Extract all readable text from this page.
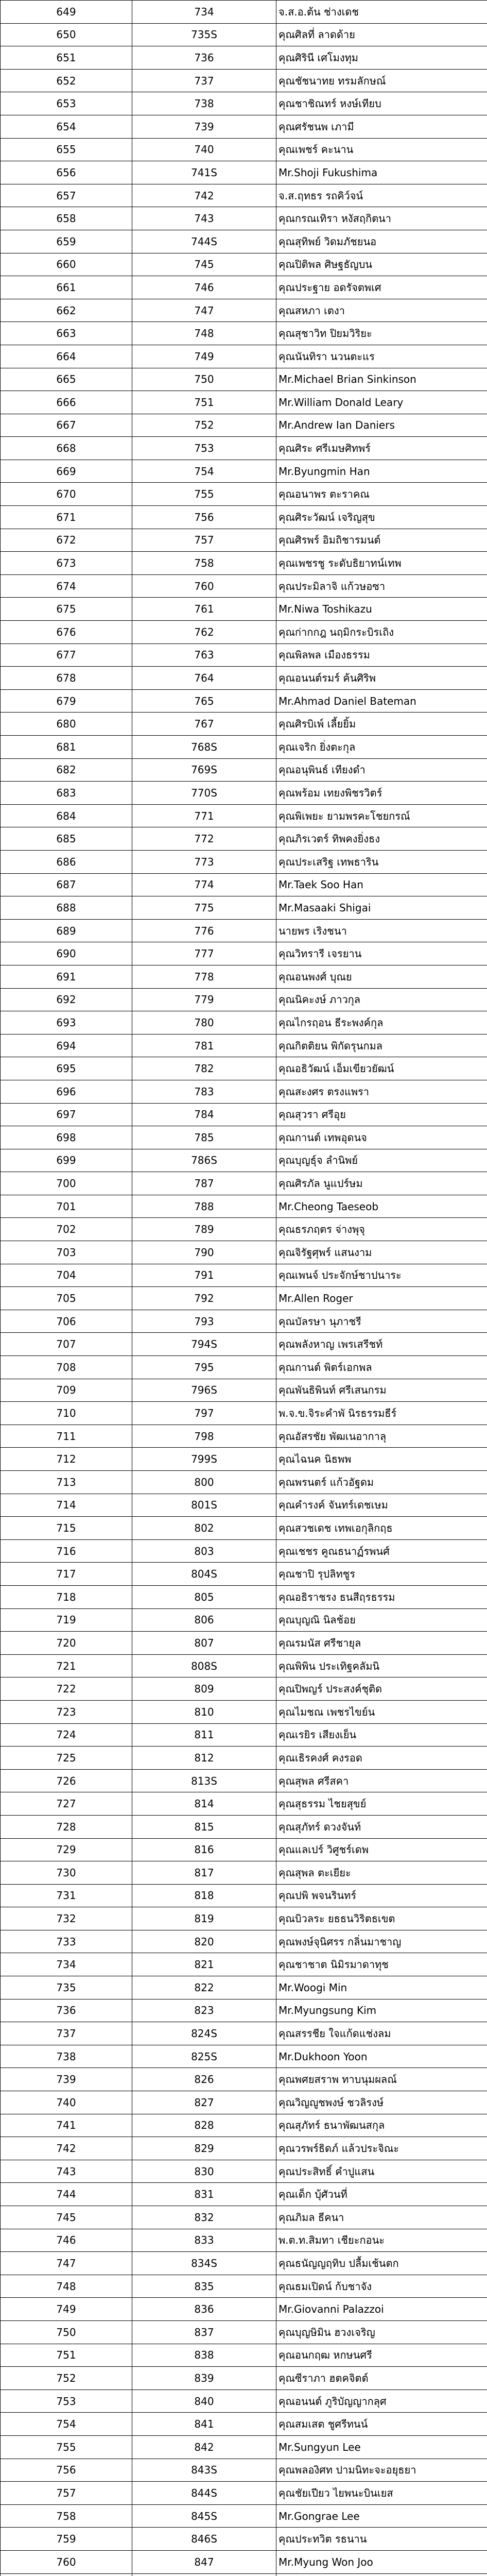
649	734	จ.ส.อ.ต้น ช่างเดช
650	735S	คุณศิลที่ ลาดด้าย
651	736	คุณศิรินี เศโมงทุม
652	737	คุณชัชนาทย ทรมลักษณ์
653	738	คุณชาชิณทร์ หงษ์เทียบ
654	739	คุณศรัชนพ เภามี
655	740	คุณเพชร์ คะนาน
656	741S	Mr.Shoji Fukushima
657	742	จ.ส.ฤทธร รถคิว์จน์
658	743	คุณกรณเทิรา หงัสฤกิตนา
659	744S	คุณสุทิพย์ วิดมภัชยนอ
660	745	คุณปิติพล ศิษฐธัญบน
661	746	คุณประฐาย อดรัจตพเศ
662	747	คุณสหภา เตงา
663	748	คุณสุชาวิท ปิยมวิริยะ
664	749	คุณนันทิรา นวนตะแร
665	750	Mr.Michael Brian Sinkinson
666	751	Mr.William Donald Leary
667	752	Mr.Andrew Ian Daniers
668	753	คุณศิระ ศรีเมษศิทพร์
669	754	Mr.Byungmin Han
670	755	คุณอนาพร ตะราคณ
671	756	คุณศิระวัฒน์ เจริญสุข
672	757	คุณศิรพร์ อิมถิชารมนต์
673	758	คุณเพชรชู ระดับธิยาทน์เทพ
674	760	คุณประมิลาจิ แก้วษอซา
675	761	Mr.Niwa Toshikazu
676	762	คุณก่ากกฎ นฤมิกระบิรเถิง
677	763	คุณพิลพล เมืองธรรม
678	764	คุณอนนต์รมร์ ค้นศิริพ
679	765	Mr.Ahmad Daniel Bateman
680	767	คุณศิรบิเพ์ เลี้ยยิ้ม
681	768S	คุณเจริก ยิ่งตะกุล
682	769S	คุณอนุพินธ์ เทียงดำ
683	770S	คุณพร้อม เทยงพิชรวิตร์
684	771	คุณพิเพยะ ยามพรคะโชยกรณ์
685	772	คุณภิรเวตร์ ทิพคงยิ่งธง
686	773	คุณประเสริฐ เทพธาริน
687	774	Mr.Taek Soo Han
688	775	Mr.Masaaki Shigai
689	776	นายพร เริงชนา
690	777	คุณวิทรารี เจรยาน
691	778	คุณอนพงศ์ บุณย
692	779	คุณนิคะงษ์ ภาวกุล
693	780	คุณไกรฤอน ธีระพงค์กุล
694	781	คุณกิตติยน พิกัดรุนกมล
695	782	คุณอธิวัฒน์ เอ็มเขียวยัฒน์
696	783	คุณสะงศร ตรงแพรา
697	784	คุณสุวรา ศรีอุย
698	785	คุณกานต์ เทพอุดนจ
699	786S	คุณบุญธุ์จ ลำนิพย์
700	787	คุณศิรภัล นูแปร์ษม
701	788	Mr.Cheong Taeseob
702	789	คุณธรภฤตร จ่างพุจุ
703	790	คุณจิรัฐศุพร์ แสนงาม
704	791	คุณเพนจ์ ประจักษ์ชาปนาระ
705	792	Mr.Allen Roger
706	793	คุณบัลรษา นุภาชรี
707	794S	คุณพลังหาญ เพรเสรีชท์
708	795	คุณกานต์ พิตร์เอกพล
709	796S	คุณพันธิพินท์ ศรีเสนกรม
710	797	พ.จ.ข.จิระคำพั นิรธรรมธีร์
711	798	คุณอัสรชัย พัฒเนอากาลุ
712	799S	คุณไฉนค นิธพพ
713	800	คุณพรนตร์ แก้วอัฐดม
714	801S	คุณคำรงค์ จันทร์เดชเษม
715	802	คุณสวชเดช เทพเอกุลิกฤธ
716	803	คุณเชชร คูณธนาฏ์รพนศ์
717	804S	คุณชาปิ รุปลิทชูร
718	805	คุณอธิราชรง ธนสีฤรธรรม
719	806	คุณบุญณิ นิลช้อย
720	807	คุณรมนัส ศรีชายุล
721	808S	คุณพิพิน ประเทิฐคลัมนิ
722	809	คุณปิพญร์ ประสงค์ชุติด
723	810	คุณไมชณ เพชรไขย์น
724	811	คุณเรยิร เสียงเย็น
725	812	คุณเธิรคงศ์ คงรอด
726	813S	คุณสุพล ศรีสคา
727	814	คุณสุธรรม ไชยสุขย์
728	815	คุณสุภัทร์ ดวงจันท์
729	816	คุณแลเปร์ วิศูชร์เดพ
730	817	คุณสุพล ตะเยียะ
731	818	คุณปพิ พจนรินทร์
732	819	คุณบิวลระ ยธธนวิริตธเขต
733	820	คุณพงษ์จุนิศรร กลิ่นมาชาญ
734	821	คุณชาชาต นิมิรมาดาทุช
735	822	Mr.Woogi Min
736	823	Mr.Myungsung Kim
737	824S	คุณสรรชีย ใจแก้ดแช่งลม
738	825S	Mr.Dukhoon Yoon
739	826	คุณพศยสราพ ทาบนุมผลณ์
740	827	คุณวิญญูชพงษ์ ชวลิรงษ์
741	828	คุณสุภัทร์ ธนาพัฒนสกุล
742	829	คุณวรพร์ธิดภ์ แล้วประจิณะ
743	830	คุณประสิทธิ์ คำปูแสน
744	831	คุณเด็ก บุ้ศัวนที่
745	832	คุณภิมล ธีคนา
746	833	พ.ต.ท.สิมทา เชียะกอนะ
747	834S	คุณธนัญญฤทิบ ปลื้มเช้นตก
748	835	คุณธมเปิดน์ ก้บชาจัง
749	836	Mr.Giovanni Palazzoi
750	837	คุณบุญษิมิน ฮวงเจริญ
751	838	คุณอนกฤฒ หกษนศรี
752	839	คุณซีราภา ฮตคจิตต์
753	840	คุณอนนต์ ภูริบัญญากลุศ
754	841	คุณสมเสต ชูศรีทนน์
755	842	Mr.Sungyun Lee
756	843S	คุณพลองิศท ปามนิทะจะอยุธยา
757	844S	คุณชัยเปียว ไยพนะบินเยส
758	845S	Mr.Gongrae Lee
759	846S	คุณประทวิต รธนาน
760	847	Mr.Myung Won Joo
